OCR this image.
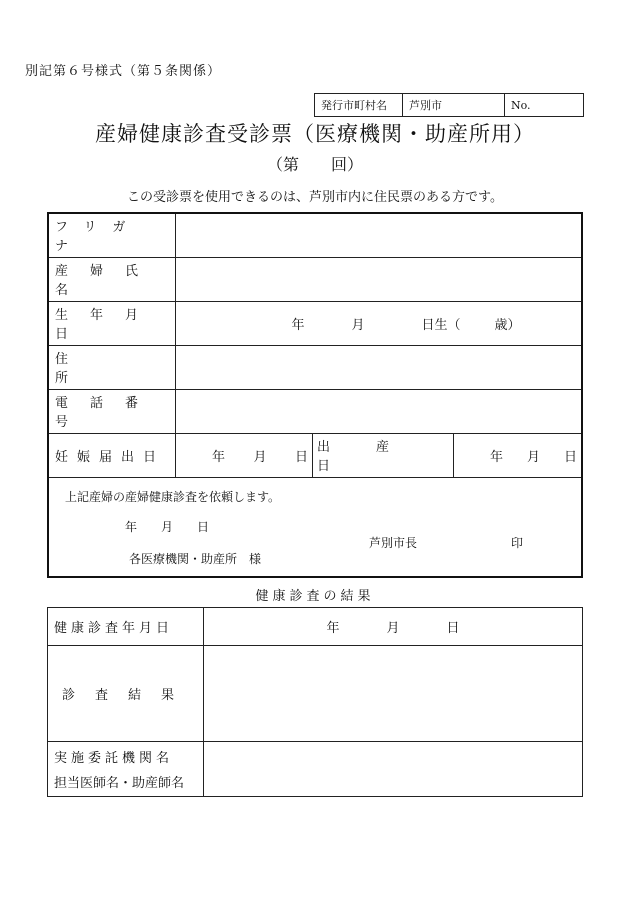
別記第６号様式（第５条関係）
発行市町村名	芦別市	No.
産婦健康診査受診票（医療機関・助産所用）
（第　　回）
この受診票を使用できるのは、芦別市内に住民票のある方です。
フリガナ			

産婦氏名			

生年月日	年 月 日生（ 歳）		

住所			

電話番号			

妊娠届出日	年 月 日	出産日	年 月 日

上記産婦の産婦健康診査を依頼します。
年　　月　　日
各医療機関・助産所　様
芦別市長 印			
健康診査の結果
健康診査年月日	年 月 日

診査結果	

実施委託機関名
担当医師名・助産師名	
